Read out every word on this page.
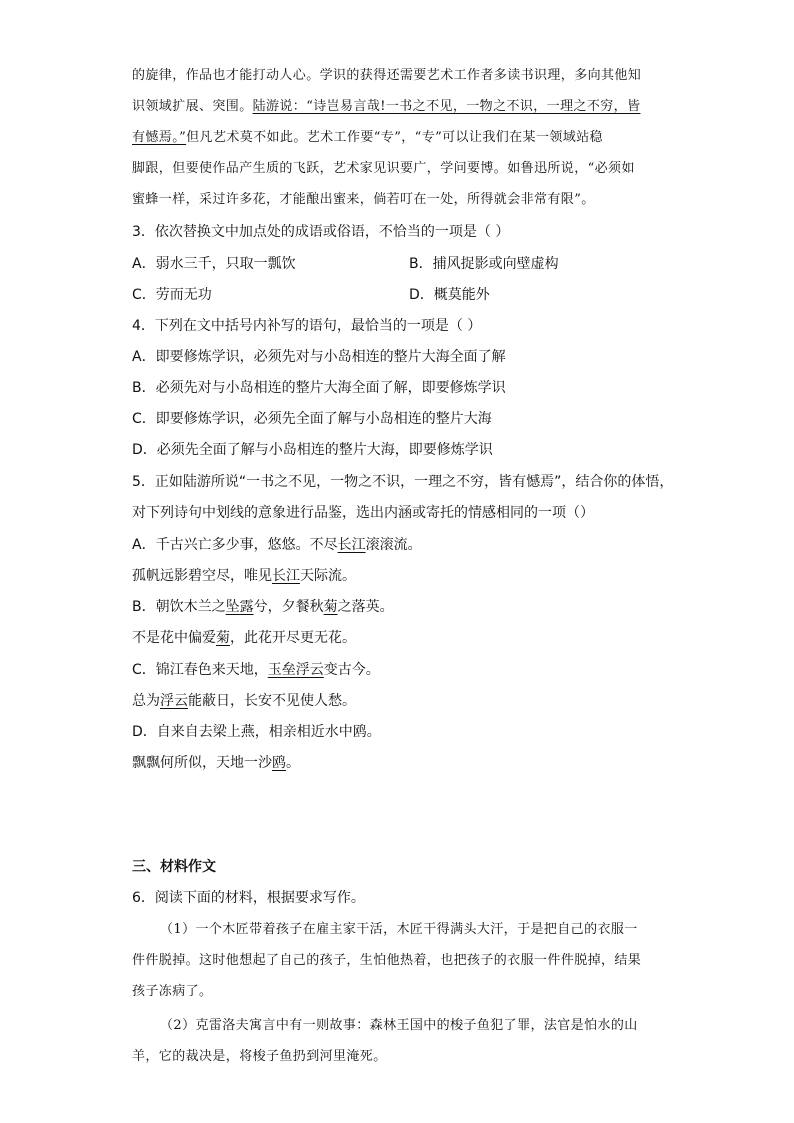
的旋律，作品也才能打动人心。学识的获得还需要艺术工作者多读书识理，多向其他知
识领域扩展、突围。陆游说：“诗岂易言哉!一书之不见，一物之不识，一理之不穷，皆
有憾焉。”但凡艺术莫不如此。艺术工作要“专”，“专”可以让我们在某一领域站稳
脚跟，但要使作品产生质的飞跃，艺术家见识要广，学问要博。如鲁迅所说，“必须如
蜜蜂一样，采过许多花，才能酿出蜜来，倘若叮在一处，所得就会非常有限”。
3．依次替换文中加点处的成语或俗语，不恰当的一项是（ ）
A．弱水三千，只取一瓢饮	B．捕风捉影或向壁虚构
C．劳而无功	D．概莫能外
4．下列在文中括号内补写的语句，最恰当的一项是（ ）
A．即要修炼学识，必须先对与小岛相连的整片大海全面了解
B．必须先对与小岛相连的整片大海全面了解，即要修炼学识
C．即要修炼学识，必须先全面了解与小岛相连的整片大海
D．必须先全面了解与小岛相连的整片大海，即要修炼学识
5．正如陆游所说“一书之不见，一物之不识，一理之不穷，皆有憾焉”，结合你的体悟，
对下列诗句中划线的意象进行品鉴，选出内涵或寄托的情感相同的一项（）
A．千古兴亡多少事，悠悠。不尽长江滚滚流。
孤帆远影碧空尽，唯见长江天际流。
B．朝饮木兰之坠露兮，夕餐秋菊之落英。
不是花中偏爱菊，此花开尽更无花。
C．锦江春色来天地，玉垒浮云变古今。
总为浮云能蔽日，长安不见使人愁。
D．自来自去梁上燕，相亲相近水中鸥。
飘飘何所似，天地一沙鸥。
三、材料作文
6．阅读下面的材料，根据要求写作。
（1）一个木匠带着孩子在雇主家干活，木匠干得满头大汗，于是把自己的衣服一
件件脱掉。这时他想起了自己的孩子，生怕他热着，也把孩子的衣服一件件脱掉，结果
孩子冻病了。
（2）克雷洛夫寓言中有一则故事：森林王国中的梭子鱼犯了罪，法官是怕水的山
羊，它的裁决是，将梭子鱼扔到河里淹死。
